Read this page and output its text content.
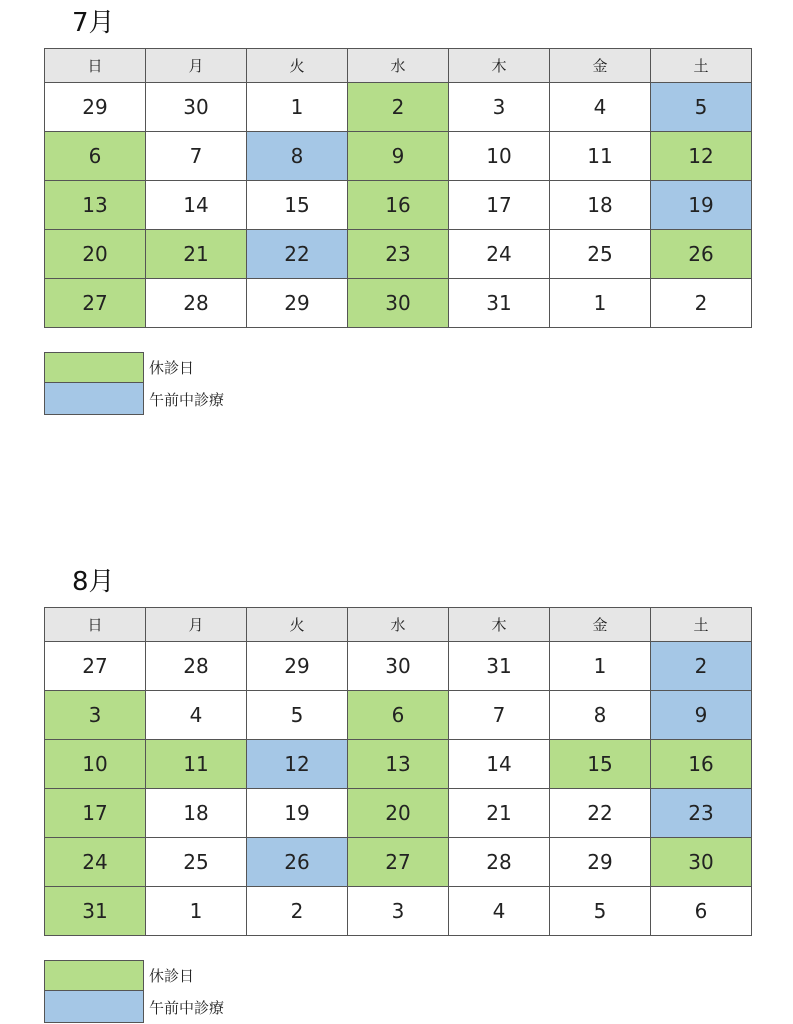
7月
日	月	火	水	木	金	土
29	30	1	2	3	4	5
6	7	8	9	10	11	12
13	14	15	16	17	18	19
20	21	22	23	24	25	26
27	28	29	30	31	1	2
休診日
午前中診療
8月
日	月	火	水	木	金	土
27	28	29	30	31	1	2
3	4	5	6	7	8	9
10	11	12	13	14	15	16
17	18	19	20	21	22	23
24	25	26	27	28	29	30
31	1	2	3	4	5	6
休診日
午前中診療
